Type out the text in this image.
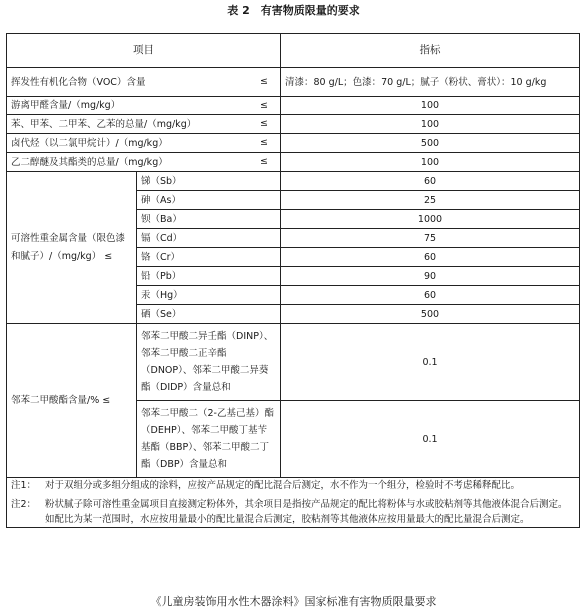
表 2　有害物质限量的要求
项目		指标
挥发性有机化合物（VOC）含量 ≤		清漆：80 g/L；色漆：70 g/L；腻子（粉状、膏状）：10 g/kg
游离甲醛含量/（mg/kg） ≤		100
苯、甲苯、二甲苯、乙苯的总量/（mg/kg） ≤		100
卤代烃（以二氯甲烷计）/（mg/kg） ≤		500
乙二醇醚及其酯类的总量/（mg/kg） ≤		100
可溶性重金属含量（限色漆和腻子）/（mg/kg） ≤	锑（Sb）	60
	砷（As）	25
	钡（Ba）	1000
	镉（Cd）	75
	铬（Cr）	60
	铅（Pb）	90
	汞（Hg）	60
	硒（Se）	500
邻苯二甲酸酯含量/% ≤	邻苯二甲酸二异壬酯（DINP）、邻苯二甲酸二正辛酯（DNOP）、邻苯二甲酸二异葵酯（DIDP）含量总和	0.1
	邻苯二甲酸二（2-乙基己基）酯（DEHP）、邻苯二甲酸丁基苄基酯（BBP）、邻苯二甲酸二丁酯（DBP）含量总和	0.1

注1： 对于双组分或多组分组成的涂料，应按产品规定的配比混合后测定，水不作为一个组分，检验时不考虑稀释配比。
注2： 粉状腻子除可溶性重金属项目直接测定粉体外，其余项目是指按产品规定的配比将粉体与水或胶粘剂等其他液体混合后测定。如配比为某一范围时，水应按用量最小的配比量混合后测定，胶粘剂等其他液体应按用量最大的配比量混合后测定。		
《儿童房装饰用水性木器涂料》国家标准有害物质限量要求
